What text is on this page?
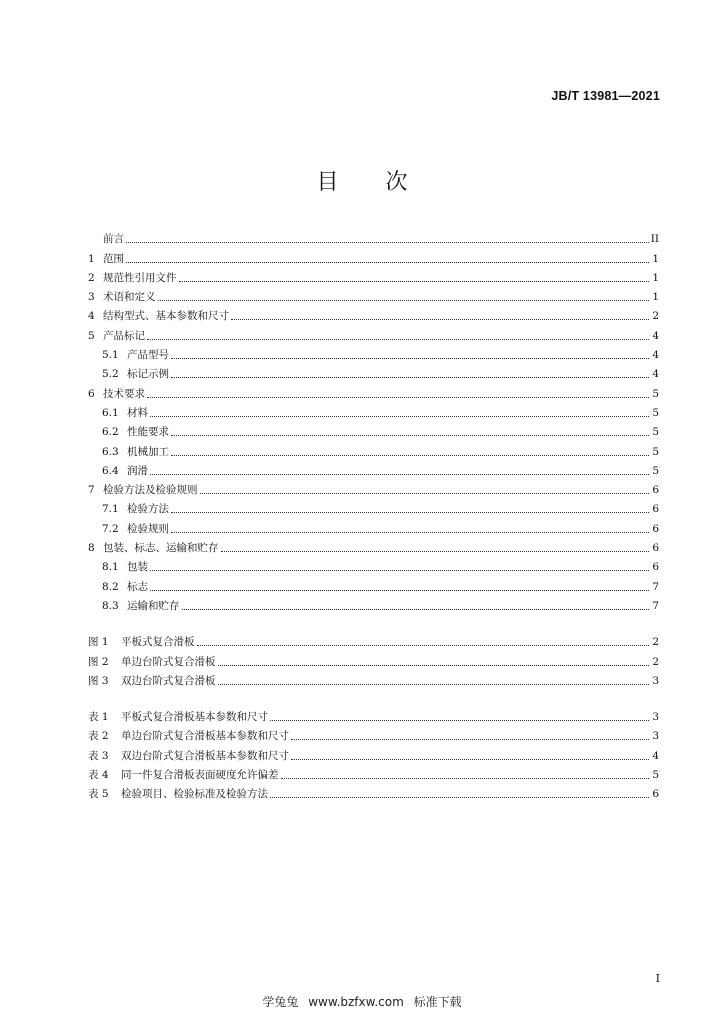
JB/T 13981—2021
目 次
前言	II
1 范围	1
2 规范性引用文件	1
3 术语和定义	1
4 结构型式、基本参数和尺寸	2
5 产品标记	4
5.1 产品型号	4
5.2 标记示例	4
6 技术要求	5
6.1 材料	5
6.2 性能要求	5
6.3 机械加工	5
6.4 润滑	5
7 检验方法及检验规则	6
7.1 检验方法	6
7.2 检验规则	6
8 包装、标志、运输和贮存	6
8.1 包装	6
8.2 标志	7
8.3 运输和贮存	7
图 1	平板式复合滑板	2
图 2	单边台阶式复合滑板	2
图 3	双边台阶式复合滑板	3
表 1	平板式复合滑板基本参数和尺寸	3
表 2	单边台阶式复合滑板基本参数和尺寸	3
表 3	双边台阶式复合滑板基本参数和尺寸	4
表 4	同一件复合滑板表面硬度允许偏差	5
表 5	检验项目、检验标准及检验方法	6
I
学兔兔 www.bzfxw.com 标准下载
